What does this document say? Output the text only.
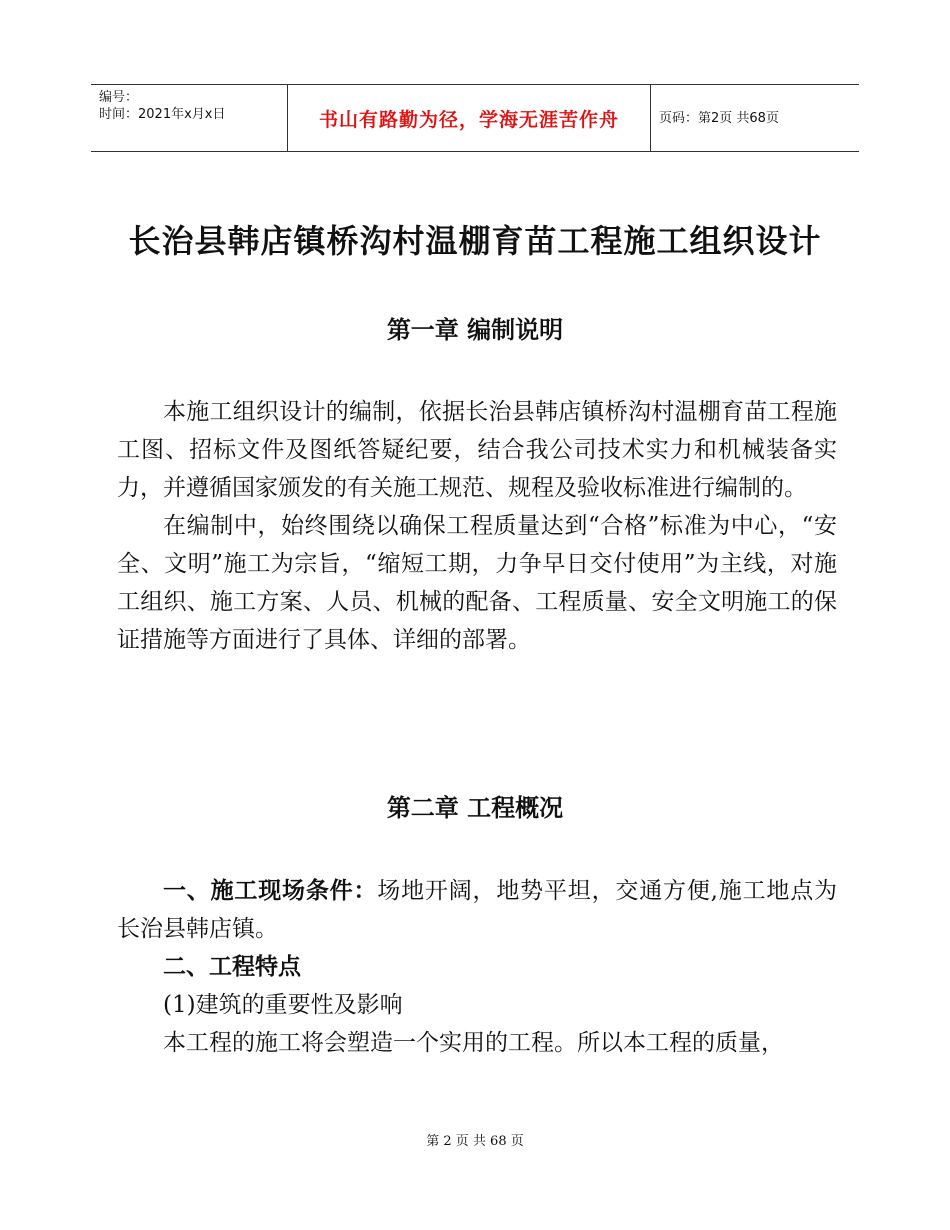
编号：
时间：2021年x月x日	书山有路勤为径，学海无涯苦作舟	页码：第2页 共68页
长治县韩店镇桥沟村温棚育苗工程施工组织设计
第一章 编制说明

本施工组织设计的编制，依据长治县韩店镇桥沟村温棚育苗工程施工图、招标文件及图纸答疑纪要，结合我公司技术实力和机械装备实力，并遵循国家颁发的有关施工规范、规程及验收标准进行编制的。

在编制中，始终围绕以确保工程质量达到“合格”标准为中心，“安全、文明”施工为宗旨，“缩短工期，力争早日交付使用”为主线，对施工组织、施工方案、人员、机械的配备、工程质量、安全文明施工的保证措施等方面进行了具体、详细的部署。

第二章 工程概况

一、施工现场条件：场地开阔，地势平坦，交通方便,施工地点为长治县韩店镇。

二、工程特点

(1)建筑的重要性及影响

本工程的施工将会塑造一个实用的工程。所以本工程的质量，

第 2 页 共 68 页
